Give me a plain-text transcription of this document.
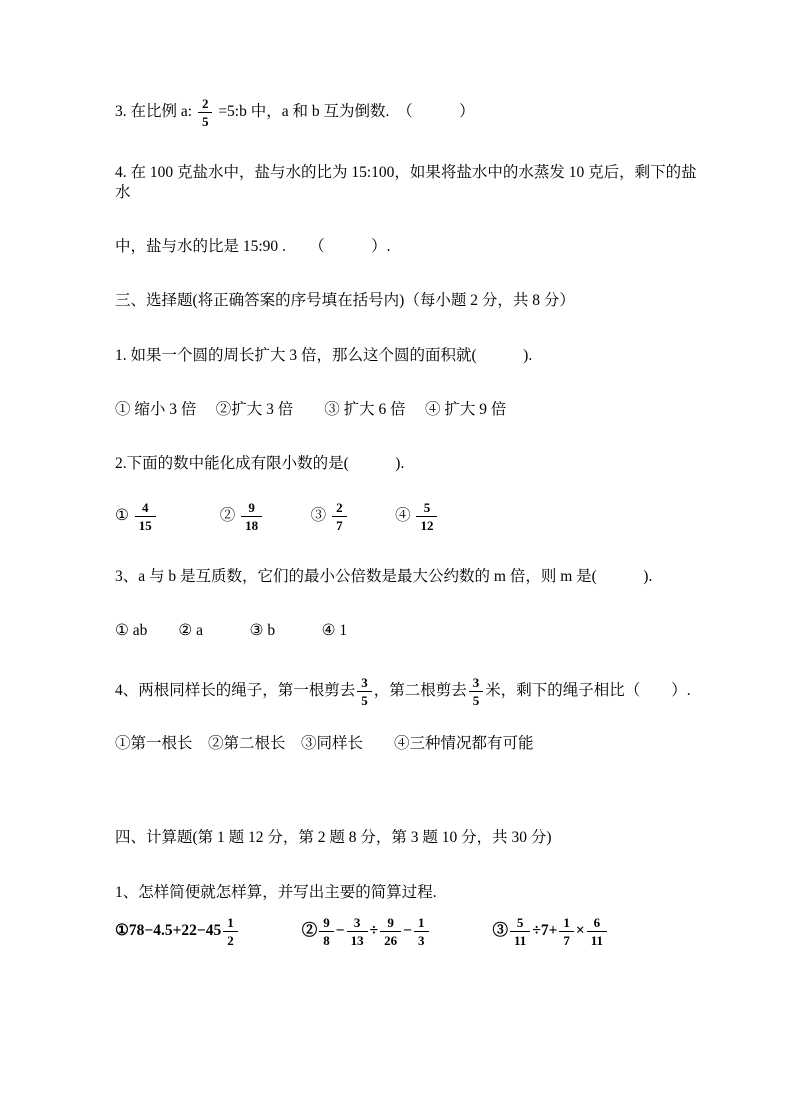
3. 在比例 a: $\frac{2}{5}$ =5:b 中，a 和 b 互为倒数.　（　　　）

4. 在 100 克盐水中，盐与水的比为 15:100，如果将盐水中的水蒸发 10 克后，剩下的盐水

中，盐与水的比是 15:90 .　　（　　　）.

三、选择题(将正确答案的序号填在括号内)（每小题 2 分，共 8 分）

1. 如果一个圆的周长扩大 3 倍，那么这个圆的面积就(　　　).

① 缩小 3 倍　 ②扩大 3 倍　　③ 扩大 6 倍　 ④ 扩大 9 倍

2.下面的数中能化成有限小数的是(　　　).

① $\frac{4}{15}$ 　　　　② $\frac{9}{18}$ 　　　③ $\frac{2}{7}$ 　　　④ $\frac{5}{12}$

3、a 与 b 是互质数，它们的最小公倍数是最大公约数的 m 倍，则 m 是(　　　).

① ab　　② a　　　③ b　　　④ 1

4、两根同样长的绳子，第一根剪去 $\frac{3}{5}$ ，第二根剪去 $\frac{3}{5}$ 米，剩下的绳子相比（　　）.

①第一根长　②第二根长　③同样长　　④三种情况都有可能

四、计算题(第 1 题 12 分，第 2 题 8 分，第 3 题 10 分，共 30 分)

1、怎样简便就怎样算，并写出主要的简算过程.

①78−4.5+22−45 $\frac{1}{2}$ 　　　　② $\frac{9}{8} - \frac{3}{13} \div \frac{9}{26} - \frac{1}{3}$ 　　　　③ $\frac{5}{11} \div 7+ \frac{1}{7} \times \frac{6}{11}$
